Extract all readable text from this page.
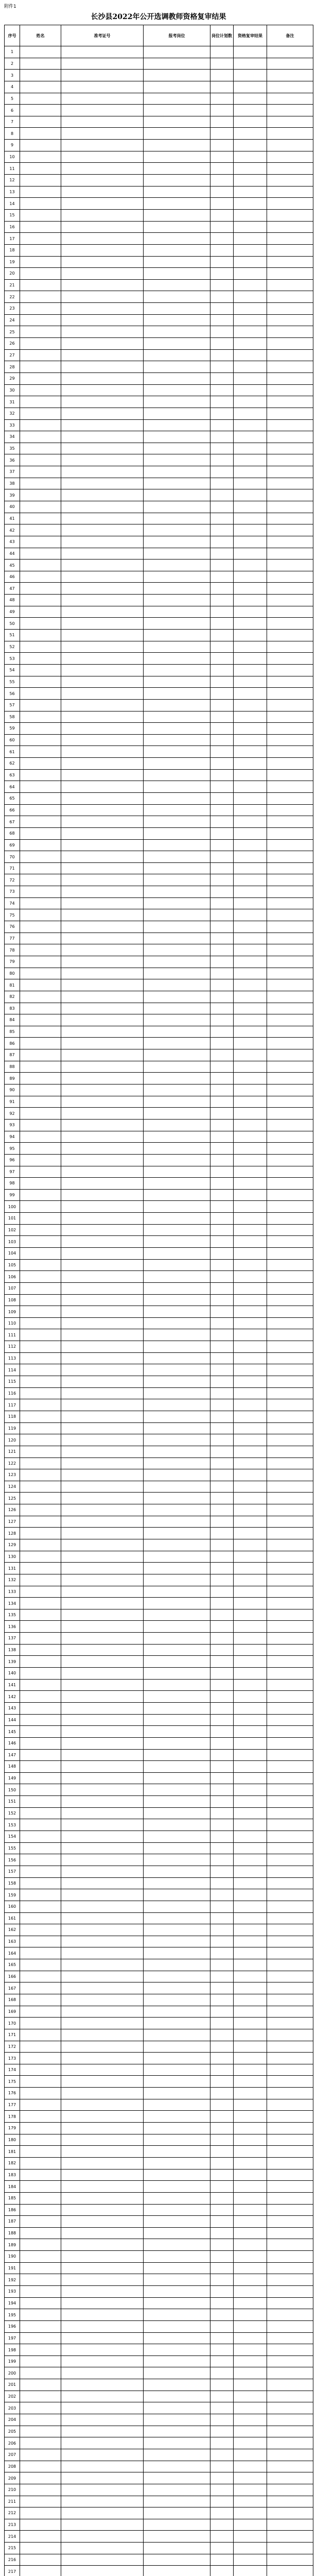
附件1
长沙县2022年公开选调教师资格复审结果
序号	姓名	准考证号	报考岗位	岗位计划数	资格复审结果	备注
1						
2						
3						
4						
5						
6						
7						
8						
9						
10						
11						
12						
13						
14						
15						
16						
17						
18						
19						
20						
21						
22						
23						
24						
25						
26						
27						
28						
29						
30						
31						
32						
33						
34						
35						
36						
37						
38						
39						
40						
41						
42						
43						
44						
45						
46						
47						
48						
49						
50						
51						
52						
53						
54						
55						
56						
57						
58						
59						
60						
61						
62						
63						
64						
65						
66						
67						
68						
69						
70						
71						
72						
73						
74						
75						
76						
77						
78						
79						
80						
81						
82						
83						
84						
85						
86						
87						
88						
89						
90						
91						
92						
93						
94						
95						
96						
97						
98						
99						
100						
101						
102						
103						
104						
105						
106						
107						
108						
109						
110						
111						
112						
113						
114						
115						
116						
117						
118						
119						
120						
121						
122						
123						
124						
125						
126						
127						
128						
129						
130						
131						
132						
133						
134						
135						
136						
137						
138						
139						
140						
141						
142						
143						
144						
145						
146						
147						
148						
149						
150						
151						
152						
153						
154						
155						
156						
157						
158						
159						
160						
161						
162						
163						
164						
165						
166						
167						
168						
169						
170						
171						
172						
173						
174						
175						
176						
177						
178						
179						
180						
181						
182						
183						
184						
185						
186						
187						
188						
189						
190						
191						
192						
193						
194						
195						
196						
197						
198						
199						
200						
201						
202						
203						
204						
205						
206						
207						
208						
209						
210						
211						
212						
213						
214						
215						
216						
217						
